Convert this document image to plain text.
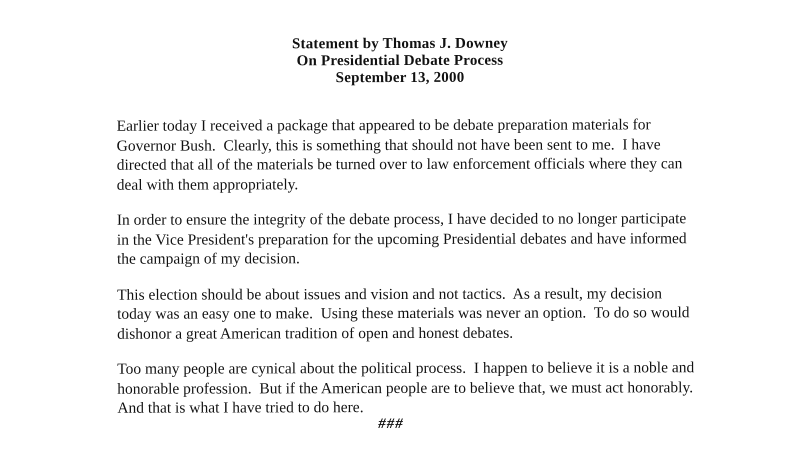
Statement by Thomas J. Downey
On Presidential Debate Process
September 13, 2000

Earlier today I received a package that appeared to be debate preparation materials for Governor Bush.  Clearly, this is something that should not have been sent to me.  I have directed that all of the materials be turned over to law enforcement officials where they can deal with them appropriately.

In order to ensure the integrity of the debate process, I have decided to no longer participate in the Vice President's preparation for the upcoming Presidential debates and have informed the campaign of my decision.

This election should be about issues and vision and not tactics.  As a result, my decision today was an easy one to make.  Using these materials was never an option.  To do so would dishonor a great American tradition of open and honest debates.

Too many people are cynical about the political process.  I happen to believe it is a noble and honorable profession.  But if the American people are to believe that, we must act honorably.  And that is what I have tried to do here.

###
